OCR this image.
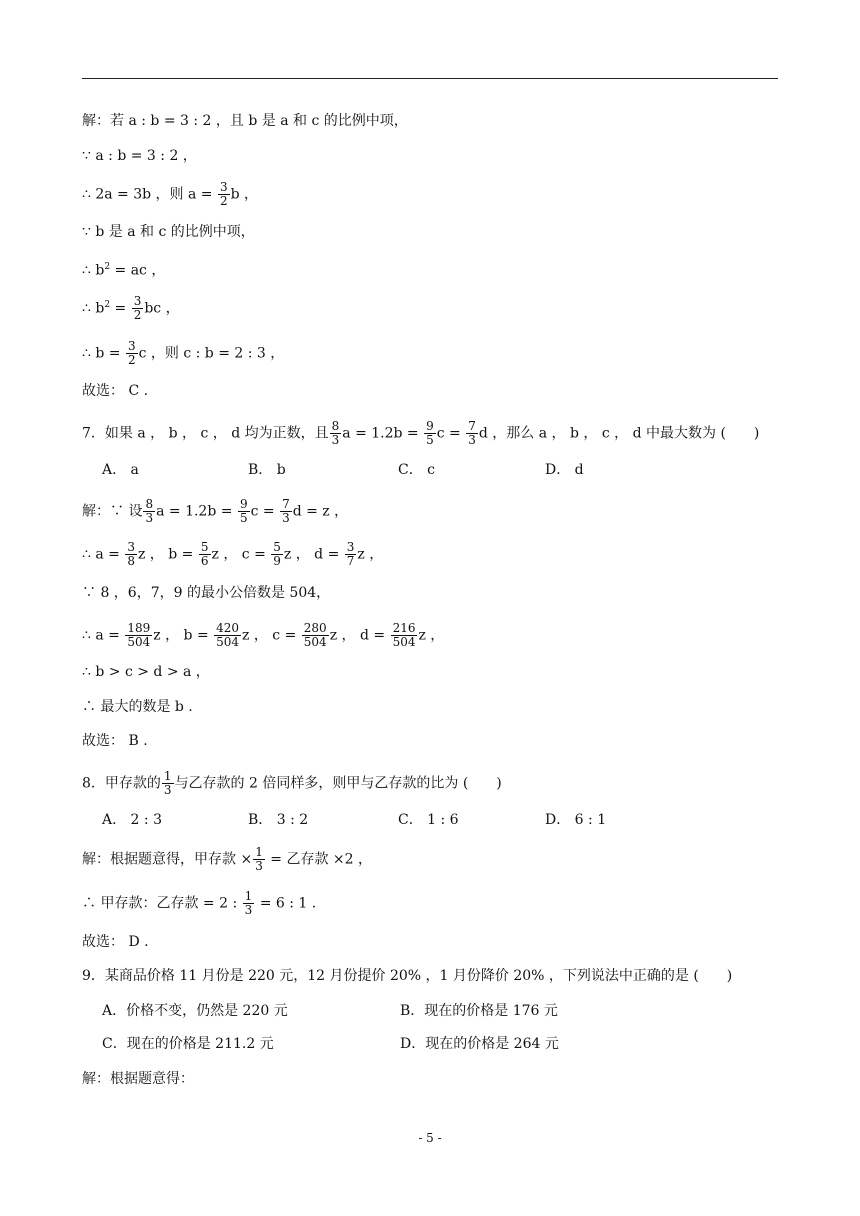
解：若 a : b = 3 : 2 ，且 b 是 a 和 c 的比例中项，
∵ a : b = 3 : 2 ，
∴ 2a = 3b ，则 $a = \frac{3}{2}$ b ，
∵ b 是 a 和 c 的比例中项，
∴ $b^2$ = ac ，
∴ $b^2 = \frac{3}{2}$ bc ，
∴ $b = \frac{3}{2}$ c ，则 c : b = 2 : 3 ，
故选： C .
7．如果 a ， b ， c ， d 均为正数，且 $\frac{8}{3}$ $a = 1.2b = \frac{9}{5}$ $c = \frac{7}{3}$ d ，那么 a ， b ， c ， d 中最大数为 (　　)
A． a	B． b	C． c	D． d
解：∵ 设 $\frac{8}{3}$ $a = 1.2b = \frac{9}{5}$ $c = \frac{7}{3}$ d = z ，
∴ $a = \frac{3}{8}$ z ， $b = \frac{5}{6}$ z ， $c = \frac{5}{9}$ z ， $d = \frac{3}{7}$ z ，
∵ 8 ，6，7，9 的最小公倍数是 504，
∴ $a = \frac{189}{504}$ z ， $b = \frac{420}{504}$ z ， $c = \frac{280}{504}$ z ， $d = \frac{216}{504}$ z ，
∴ b > c > d > a ，
∴ 最大的数是 b .
故选： B .
8．甲存款的 $\frac{1}{3}$ 与乙存款的 2 倍同样多，则甲与乙存款的比为 (　　)
A． 2 : 3	B． 3 : 2	C． 1 : 6	D． 6 : 1
解：根据题意得，甲存款 × $\frac{1}{3}$ = 乙存款 ×2 ，
∴ 甲存款：乙存款 = 2 : $\frac{1}{3} = 6$ : 1 .
故选： D .
9．某商品价格 11 月份是 220 元，12 月份提价 20% ，1 月份降价 20% ，下列说法中正确的是 (　　)
A．价格不变，仍然是 220 元	B．现在的价格是 176 元
C．现在的价格是 211.2 元	D．现在的价格是 264 元
解：根据题意得：
- 5 -
